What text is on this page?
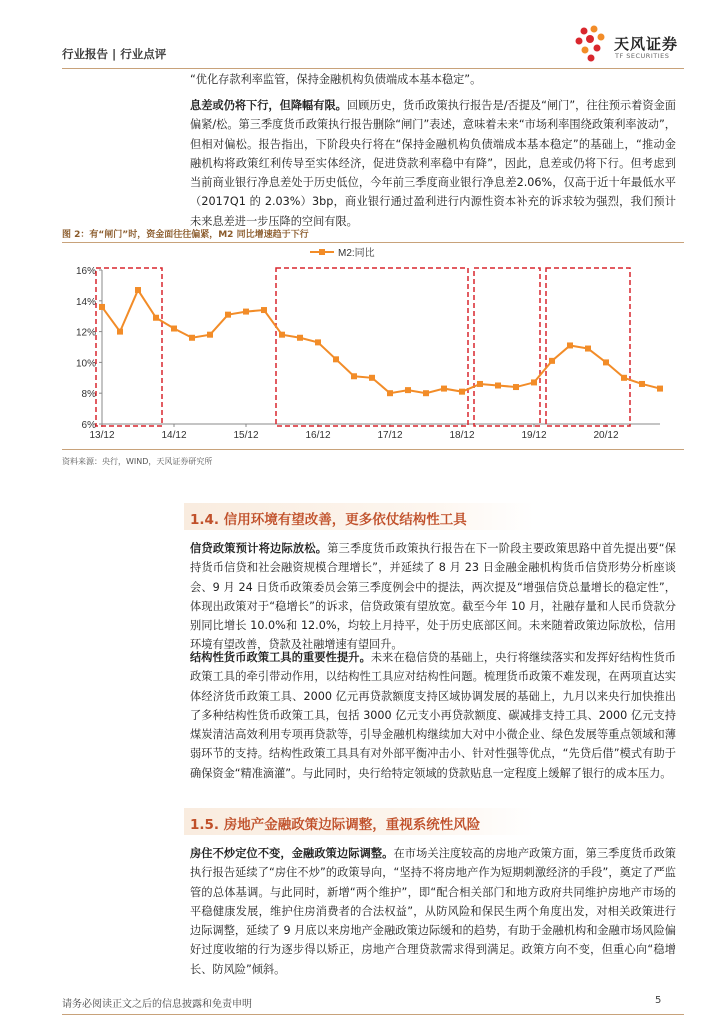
行业报告 | 行业点评
天风证券
TF SECURITIES
“优化存款利率监管，保持金融机构负债端成本基本稳定”。
息差或仍将下行，但降幅有限。回顾历史，货币政策执行报告是/否提及“闸门”，往往预示着资金面偏紧/松。第三季度货币政策执行报告删除“闸门”表述，意味着未来“市场利率围绕政策利率波动”，但相对偏松。报告指出，下阶段央行将在“保持金融机构负债端成本基本稳定”的基础上，“推动金融机构将政策红利传导至实体经济，促进贷款利率稳中有降”，因此，息差或仍将下行。但考虑到当前商业银行净息差处于历史低位，今年前三季度商业银行净息差2.06%，仅高于近十年最低水平（2017Q1 的 2.03%）3bp，商业银行通过盈利进行内源性资本补充的诉求较为强烈，我们预计未来息差进一步压降的空间有限。
图 2：有“闸门”时，资金面往往偏紧，M2 同比增速趋于下行
6%
8%
10%
12%
14%
16%
13/12	14/12	15/12	16/12	17/12	18/12	19/12	20/12
M2:同比
资料来源：央行，WIND，天风证券研究所
1.4. 信用环境有望改善，更多依仗结构性工具
信贷政策预计将边际放松。第三季度货币政策执行报告在下一阶段主要政策思路中首先提出要“保持货币信贷和社会融资规模合理增长”，并延续了 8 月 23 日金融金融机构货币信贷形势分析座谈会、9 月 24 日货币政策委员会第三季度例会中的提法，两次提及“增强信贷总量增长的稳定性”，体现出政策对于“稳增长”的诉求，信贷政策有望放宽。截至今年 10 月，社融存量和人民币贷款分别同比增长 10.0%和 12.0%，均较上月持平，处于历史底部区间。未来随着政策边际放松，信用环境有望改善，贷款及社融增速有望回升。
结构性货币政策工具的重要性提升。未来在稳信贷的基础上，央行将继续落实和发挥好结构性货币政策工具的牵引带动作用，以结构性工具应对结构性问题。梳理货币政策不难发现，在两项直达实体经济货币政策工具、2000 亿元再贷款额度支持区域协调发展的基础上，九月以来央行加快推出了多种结构性货币政策工具，包括 3000 亿元支小再贷款额度、碳减排支持工具、2000 亿元支持煤炭清洁高效利用专项再贷款等，引导金融机构继续加大对中小微企业、绿色发展等重点领域和薄弱环节的支持。结构性政策工具具有对外部平衡冲击小、针对性强等优点，“先贷后借”模式有助于确保资金“精准滴灌”。与此同时，央行给特定领域的贷款贴息一定程度上缓解了银行的成本压力。
1.5. 房地产金融政策边际调整，重视系统性风险
房住不炒定位不变，金融政策边际调整。在市场关注度较高的房地产政策方面，第三季度货币政策执行报告延续了“房住不炒”的政策导向，“坚持不将房地产作为短期刺激经济的手段”，奠定了严监管的总体基调。与此同时，新增“两个维护”，即“配合相关部门和地方政府共同维护房地产市场的平稳健康发展，维护住房消费者的合法权益”，从防风险和保民生两个角度出发，对相关政策进行边际调整，延续了 9 月底以来房地产金融政策边际缓和的趋势，有助于金融机构和金融市场风险偏好过度收缩的行为逐步得以矫正，房地产合理贷款需求得到满足。政策方向不变，但重心向“稳增长、防风险”倾斜。
请务必阅读正文之后的信息披露和免责申明	5
